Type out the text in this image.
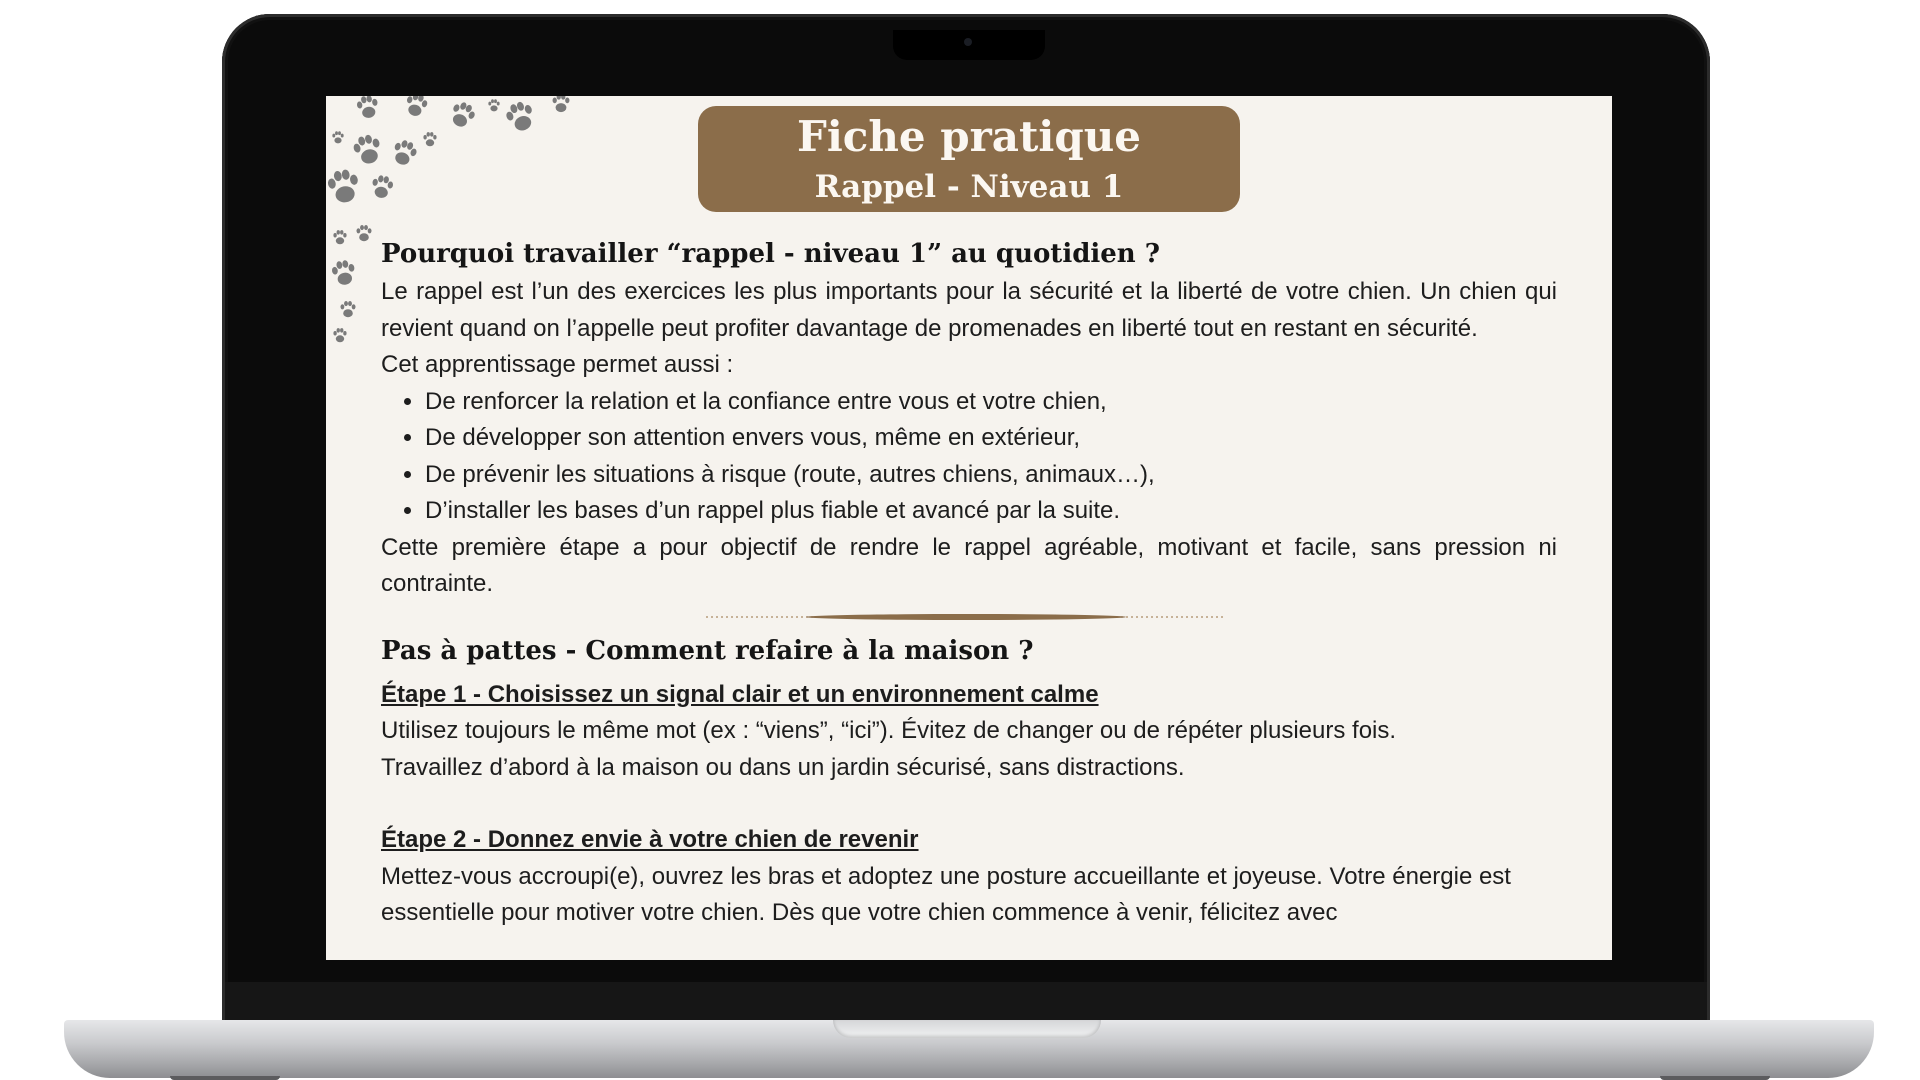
Fiche pratique
Rappel - Niveau 1
Pourquoi travailler “rappel - niveau 1” au quotidien ?

Le rappel est l’un des exercices les plus importants pour la sécurité et la liberté de votre chien. Un chien qui revient quand on l’appelle peut profiter davantage de promenades en liberté tout en restant en sécurité.

Cet apprentissage permet aussi :

• De renforcer la relation et la confiance entre vous et votre chien,
• De développer son attention envers vous, même en extérieur,
• De prévenir les situations à risque (route, autres chiens, animaux…),
• D’installer les bases d’un rappel plus fiable et avancé par la suite.

Cette première étape a pour objectif de rendre le rappel agréable, motivant et facile, sans pression ni contrainte.

Pas à pattes - Comment refaire à la maison ?

Étape 1 - Choisissez un signal clair et un environnement calme

Utilisez toujours le même mot (ex : “viens”, “ici”). Évitez de changer ou de répéter plusieurs fois.

Travaillez d’abord à la maison ou dans un jardin sécurisé, sans distractions.

Étape 2 - Donnez envie à votre chien de revenir

Mettez-vous accroupi(e), ouvrez les bras et adoptez une posture accueillante et joyeuse. Votre énergie est essentielle pour motiver votre chien. Dès que votre chien commence à venir, félicitez avec
